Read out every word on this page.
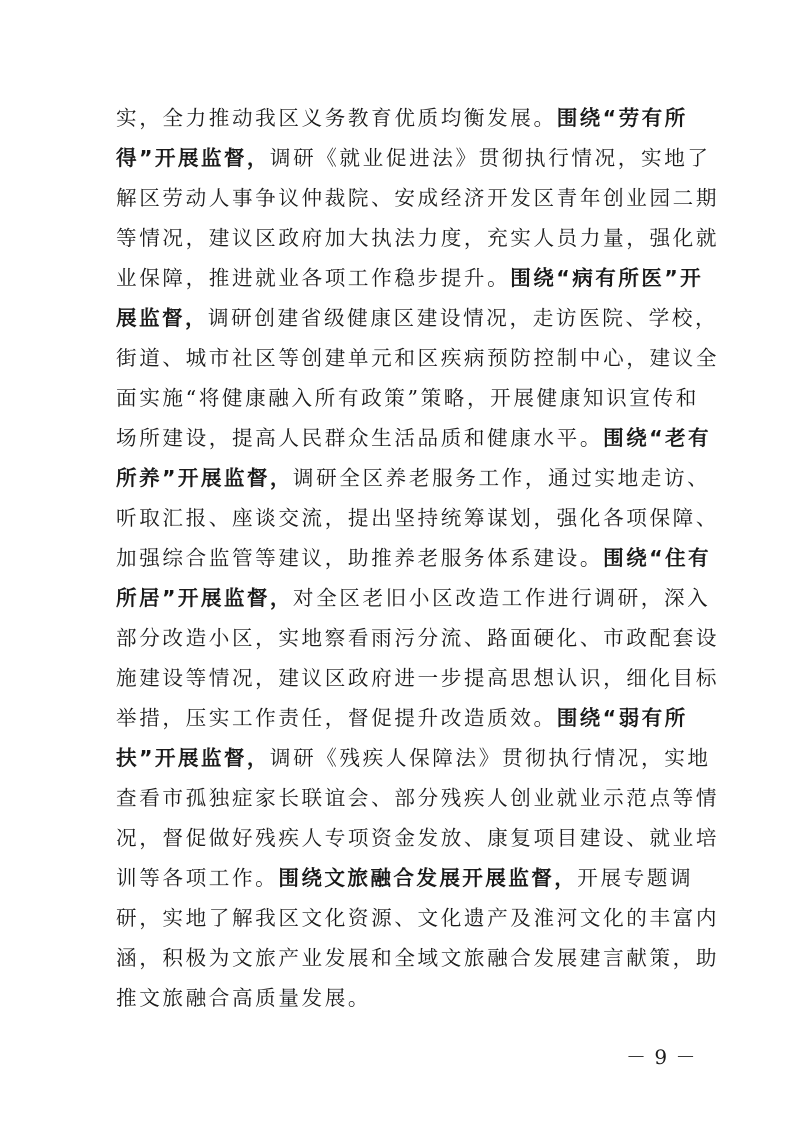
实，全力推动我区义务教育优质均衡发展。围绕“劳有所
得”开展监督，调研《就业促进法》贯彻执行情况，实地了
解区劳动人事争议仲裁院、安成经济开发区青年创业园二期
等情况，建议区政府加大执法力度，充实人员力量，强化就
业保障，推进就业各项工作稳步提升。围绕“病有所医”开
展监督，调研创建省级健康区建设情况，走访医院、学校，
街道、城市社区等创建单元和区疾病预防控制中心，建议全
面实施“将健康融入所有政策”策略，开展健康知识宣传和
场所建设，提高人民群众生活品质和健康水平。围绕“老有
所养”开展监督，调研全区养老服务工作，通过实地走访、
听取汇报、座谈交流，提出坚持统筹谋划，强化各项保障、
加强综合监管等建议，助推养老服务体系建设。围绕“住有
所居”开展监督，对全区老旧小区改造工作进行调研，深入
部分改造小区，实地察看雨污分流、路面硬化、市政配套设
施建设等情况，建议区政府进一步提高思想认识，细化目标
举措，压实工作责任，督促提升改造质效。围绕“弱有所
扶”开展监督，调研《残疾人保障法》贯彻执行情况，实地
查看市孤独症家长联谊会、部分残疾人创业就业示范点等情
况，督促做好残疾人专项资金发放、康复项目建设、就业培
训等各项工作。围绕文旅融合发展开展监督，开展专题调
研，实地了解我区文化资源、文化遗产及淮河文化的丰富内
涵，积极为文旅产业发展和全域文旅融合发展建言献策，助
推文旅融合高质量发展。
－ 9 －
